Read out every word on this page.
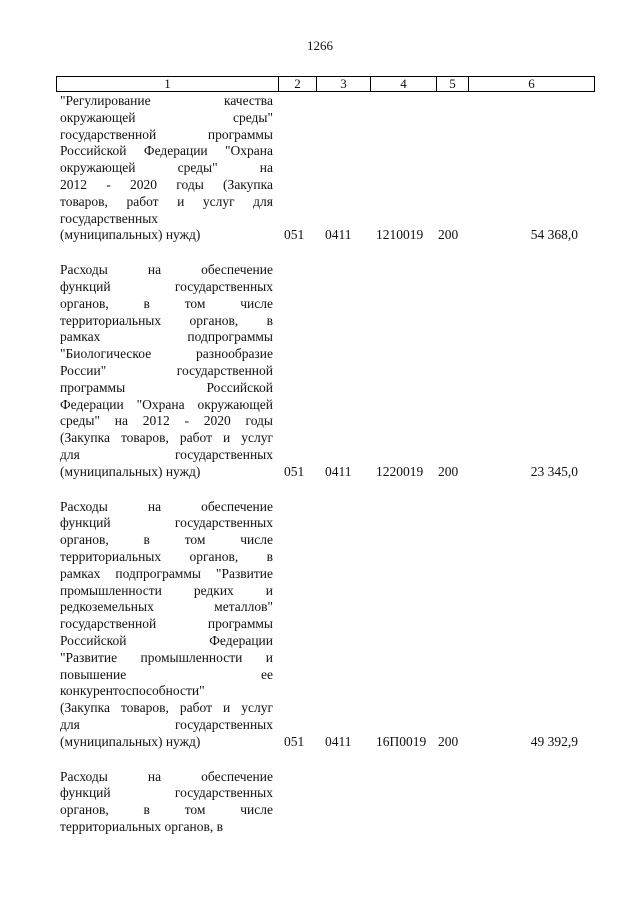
1266
1	2	3	4	5	6
"Регулирование качества
окружающей среды"
государственной программы
Российской Федерации "Охрана
окружающей среды" на
2012 - 2020 годы (Закупка
товаров, работ и услуг для
государственных
(муниципальных) нужд)	051 0411 1210019 200	54 368,0
Расходы на обеспечение
функций государственных
органов, в том числе
территориальных органов, в
рамках подпрограммы
"Биологическое разнообразие
России" государственной
программы Российской
Федерации "Охрана окружающей
среды" на 2012 - 2020 годы
(Закупка товаров, работ и услуг
для государственных
(муниципальных) нужд)	051 0411 1220019 200	23 345,0
Расходы на обеспечение
функций государственных
органов, в том числе
территориальных органов, в
рамках подпрограммы "Развитие
промышленности редких и
редкоземельных металлов"
государственной программы
Российской Федерации
"Развитие промышленности и
повышение ее
конкурентоспособности"
(Закупка товаров, работ и услуг
для государственных
(муниципальных) нужд)	051 0411 16П0019 200	49 392,9
Расходы на обеспечение
функций государственных
органов, в том числе
территориальных органов, в
